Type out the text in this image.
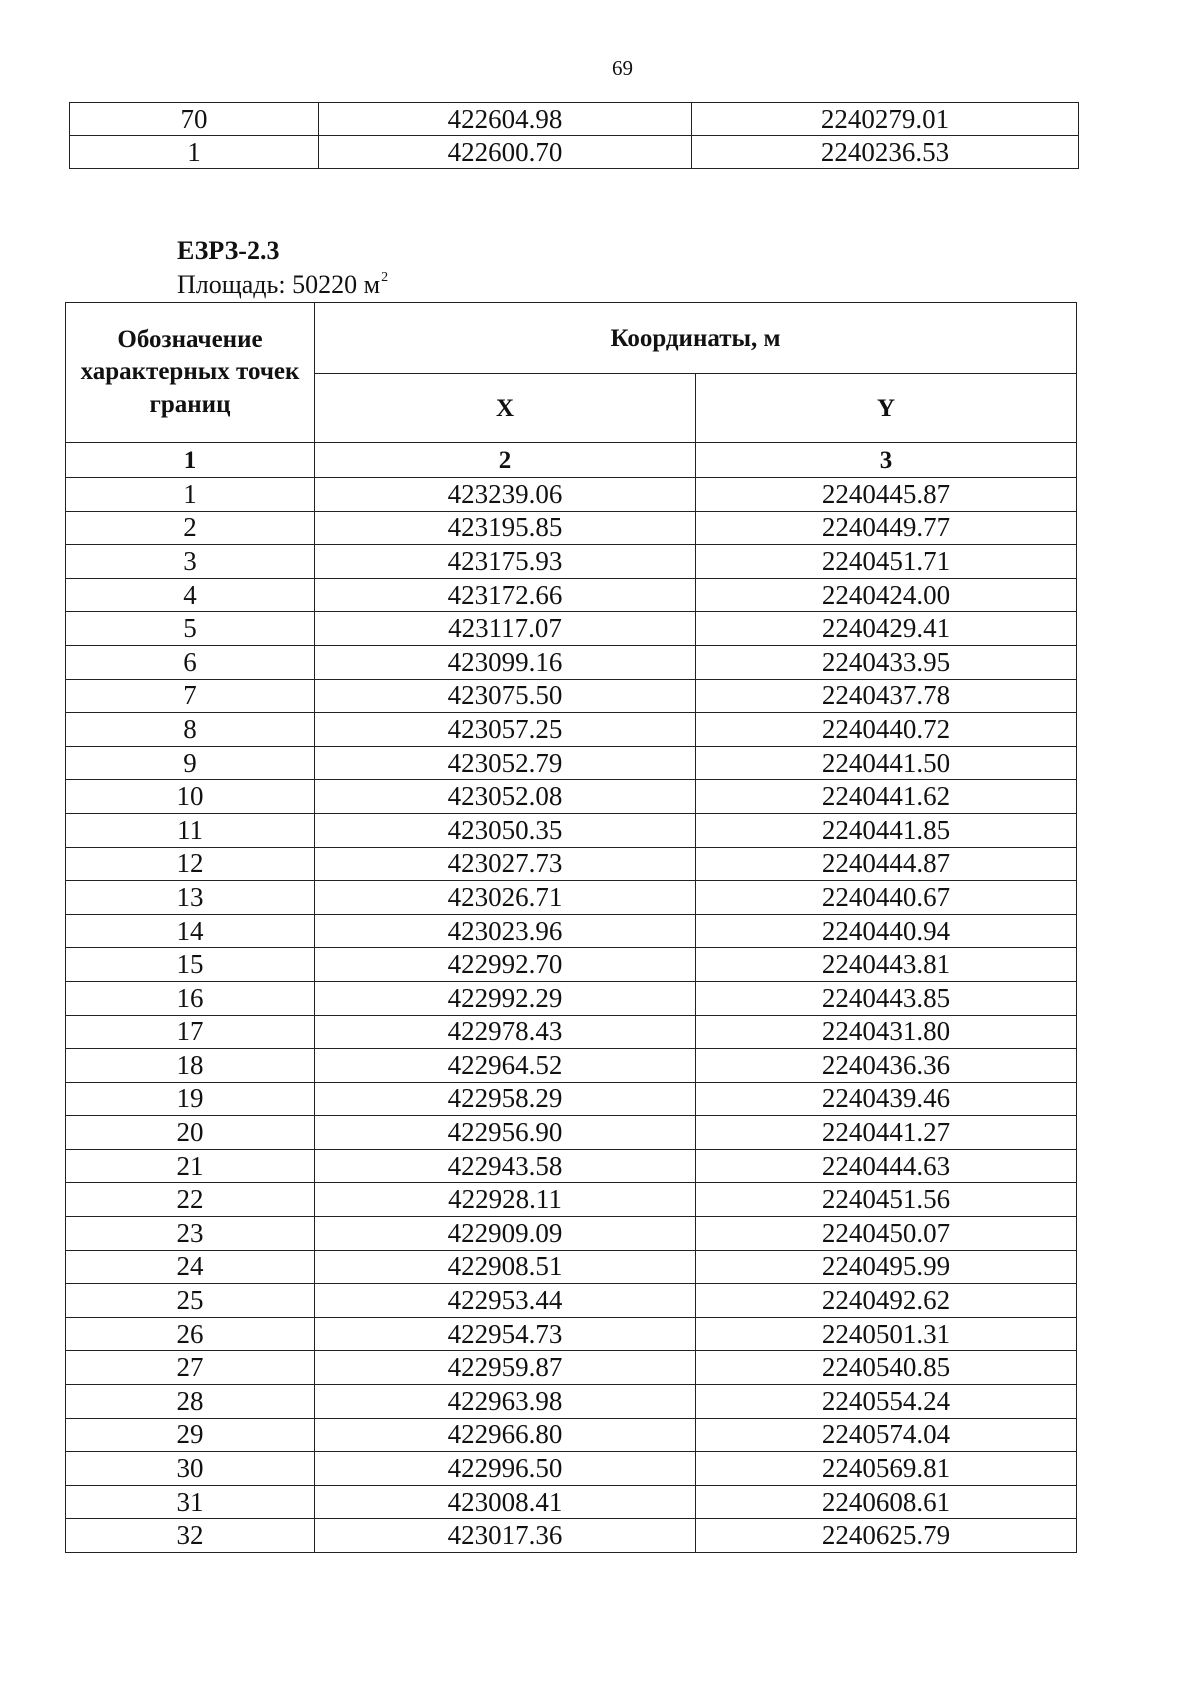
69
70	422604.98	2240279.01
1	422600.70	2240236.53
ЕЗРЗ-2.3
Площадь: 50220 $м^2$
Обозначение характерных точек границ	Координаты, м	
	X	Y
1	2	3
1	423239.06	2240445.87
2	423195.85	2240449.77
3	423175.93	2240451.71
4	423172.66	2240424.00
5	423117.07	2240429.41
6	423099.16	2240433.95
7	423075.50	2240437.78
8	423057.25	2240440.72
9	423052.79	2240441.50
10	423052.08	2240441.62
11	423050.35	2240441.85
12	423027.73	2240444.87
13	423026.71	2240440.67
14	423023.96	2240440.94
15	422992.70	2240443.81
16	422992.29	2240443.85
17	422978.43	2240431.80
18	422964.52	2240436.36
19	422958.29	2240439.46
20	422956.90	2240441.27
21	422943.58	2240444.63
22	422928.11	2240451.56
23	422909.09	2240450.07
24	422908.51	2240495.99
25	422953.44	2240492.62
26	422954.73	2240501.31
27	422959.87	2240540.85
28	422963.98	2240554.24
29	422966.80	2240574.04
30	422996.50	2240569.81
31	423008.41	2240608.61
32	423017.36	2240625.79
